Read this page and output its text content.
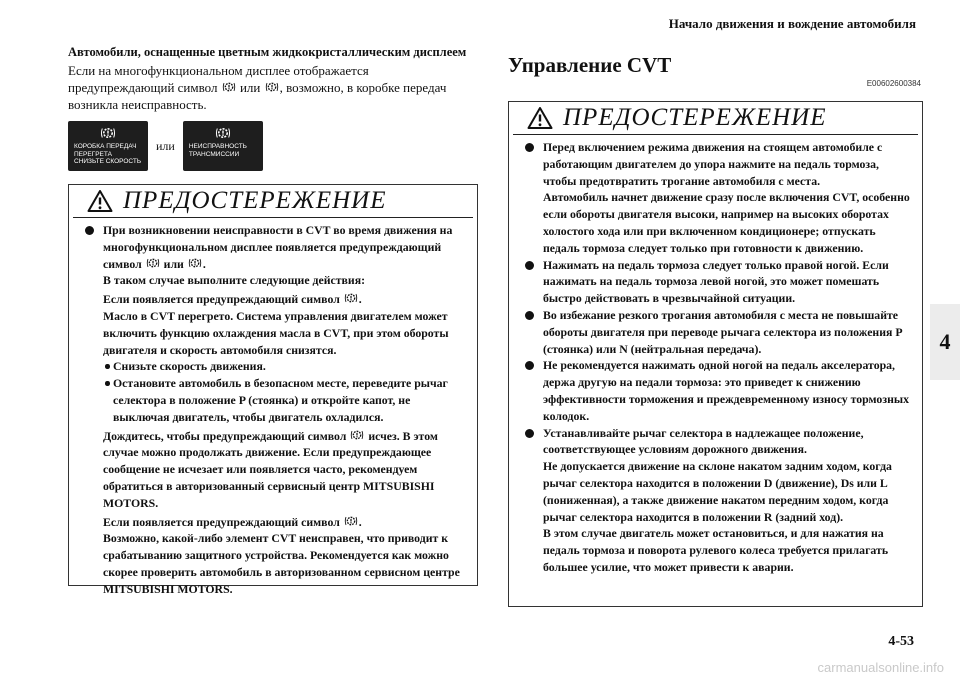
Начало движения и вождение автомобиля

Автомобили, оснащенные цветным жидкокристаллическим дисплеем

Если на многофункциональном дисплее отображается
предупреждающий символ или , возможно, в коробке передач
возникла неисправность.

КОРОБКА ПЕРЕДАЧ
ПЕРЕГРЕТА
СНИЗЬТЕ СКОРОСТЬ
или НЕИСПРАВНОСТЬ
ТРАНСМИССИИ
ПРЕДОСТЕРЕЖЕНИЕ

При возникновении неисправности в CVT во время движения на многофункциональном дисплее появляется предупреждающий
символ или .

В таком случае выполните следующие действия:

Если появляется предупреждающий символ .

Масло в CVT перегрето. Система управления двигателем может включить функцию охлаждения масла в CVT, при этом обороты двигателя и скорость автомобиля снизятся.

Снизьте скорость движения.

Остановите автомобиль в безопасном месте, переведите рычаг селектора в положение P (стоянка) и откройте капот, не выключая двигатель, чтобы двигатель охладился.

Дождитесь, чтобы предупреждающий символ исчез. В этом случае можно продолжать движение. Если предупреждающее сообщение не исчезает или появляется часто, рекомендуем обратиться в авторизованный сервисный центр MITSUBISHI MOTORS.

Если появляется предупреждающий символ .

Возможно, какой-либо элемент CVT неисправен, что приводит к срабатыванию защитного устройства. Рекомендуется как можно скорее проверить автомобиль в авторизованном сервисном центре MITSUBISHI MOTORS.

Управление CVT
E00602600384
ПРЕДОСТЕРЕЖЕНИЕ

Перед включением режима движения на стоящем автомобиле с работающим двигателем до упора нажмите на педаль тормоза, чтобы предотвратить трогание автомобиля с места.

Автомобиль начнет движение сразу после включения CVT, особенно если обороты двигателя высоки, например на высоких оборотах холостого хода или при включенном кондиционере; отпускать педаль тормоза следует только при готовности к движению.

Нажимать на педаль тормоза следует только правой ногой. Если нажимать на педаль тормоза левой ногой, это может помешать быстро действовать в чрезвычайной ситуации.

Во избежание резкого трогания автомобиля с места не повышайте обороты двигателя при переводе рычага селектора из положения P (стоянка) или N (нейтральная передача).

Не рекомендуется нажимать одной ногой на педаль акселератора, держа другую на педали тормоза: это приведет к снижению эффективности торможения и преждевременному износу тормозных колодок.

Устанавливайте рычаг селектора в надлежащее положение, соответствующее условиям дорожного движения.

Не допускается движение на склоне накатом задним ходом, когда рычаг селектора находится в положении D (движение), Ds или L (пониженная), а также движение накатом передним ходом, когда рычаг селектора находится в положении R (задний ход).

В этом случае двигатель может остановиться, и для нажатия на педаль тормоза и поворота рулевого колеса требуется прилагать большее усилие, что может привести к аварии.

4
4-53
carmanualsonline.info
